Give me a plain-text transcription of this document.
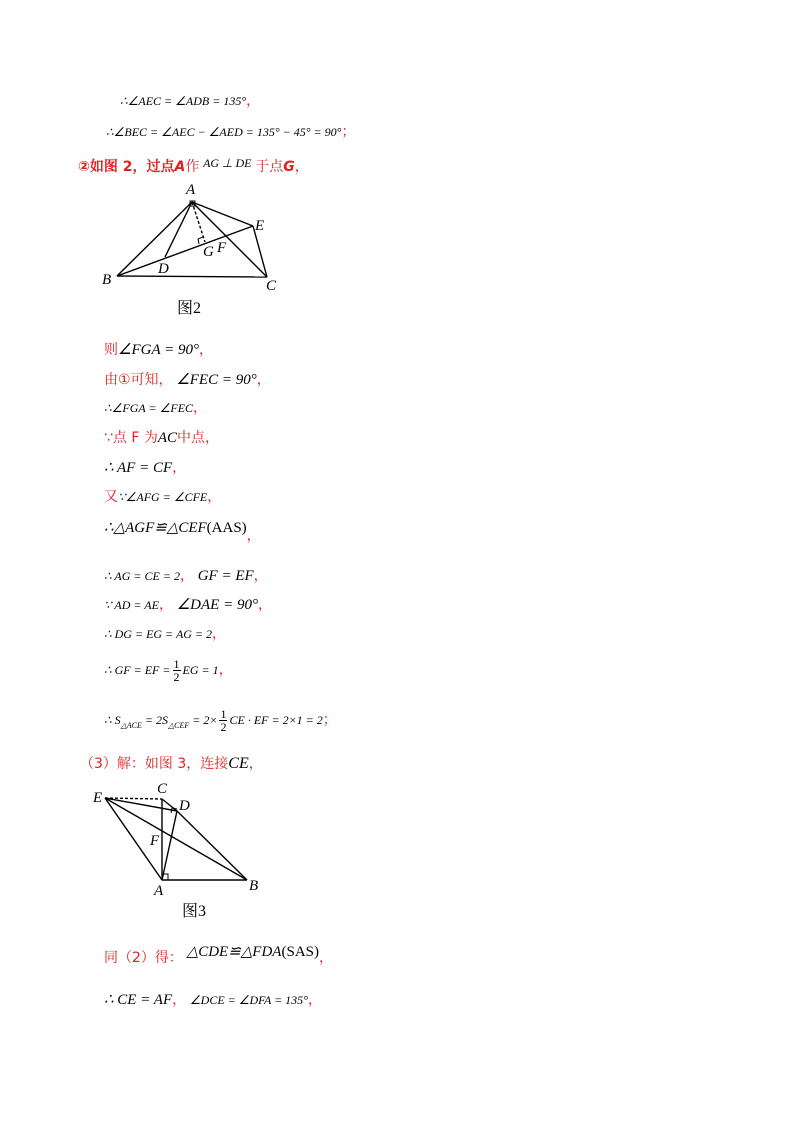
∴∠AEC = ∠ADB = 135°，
∴∠BEC = ∠AEC − ∠AED = 135° − 45° = 90°；
②如图 2，过点A作 $^{AG \perp DE}$ 于点G，
A
B	C
D
E
F
G
图2
则∠FGA = 90°，
由①可知， ∠FEC = 90°，
∴∠FGA = ∠FEC，
∵点 F 为AC中点，
∴ AF = CF，
又∵∠AFG = ∠CFE，
∴△AGF≌△CEF(AAS)，
∴ AG = CE = 2， GF = EF，
∵ AD = AE， ∠DAE = 90°，
∴ DG = EG = AG = 2，
∴ GF = EF = $\frac{1}{2}$ EG = 1，
∴ $S_{\triangle ACE} = 2S_{\triangle CEF} = 2\times \frac{1}{2}$ CE · EF = 2×1 = 2；
（3）解：如图 3，连接CE，
C
D
E
F
A	B
图3
同（2）得： △CDE≌△FDA(SAS)，
∴ CE = AF， ∠DCE = ∠DFA = 135°，
